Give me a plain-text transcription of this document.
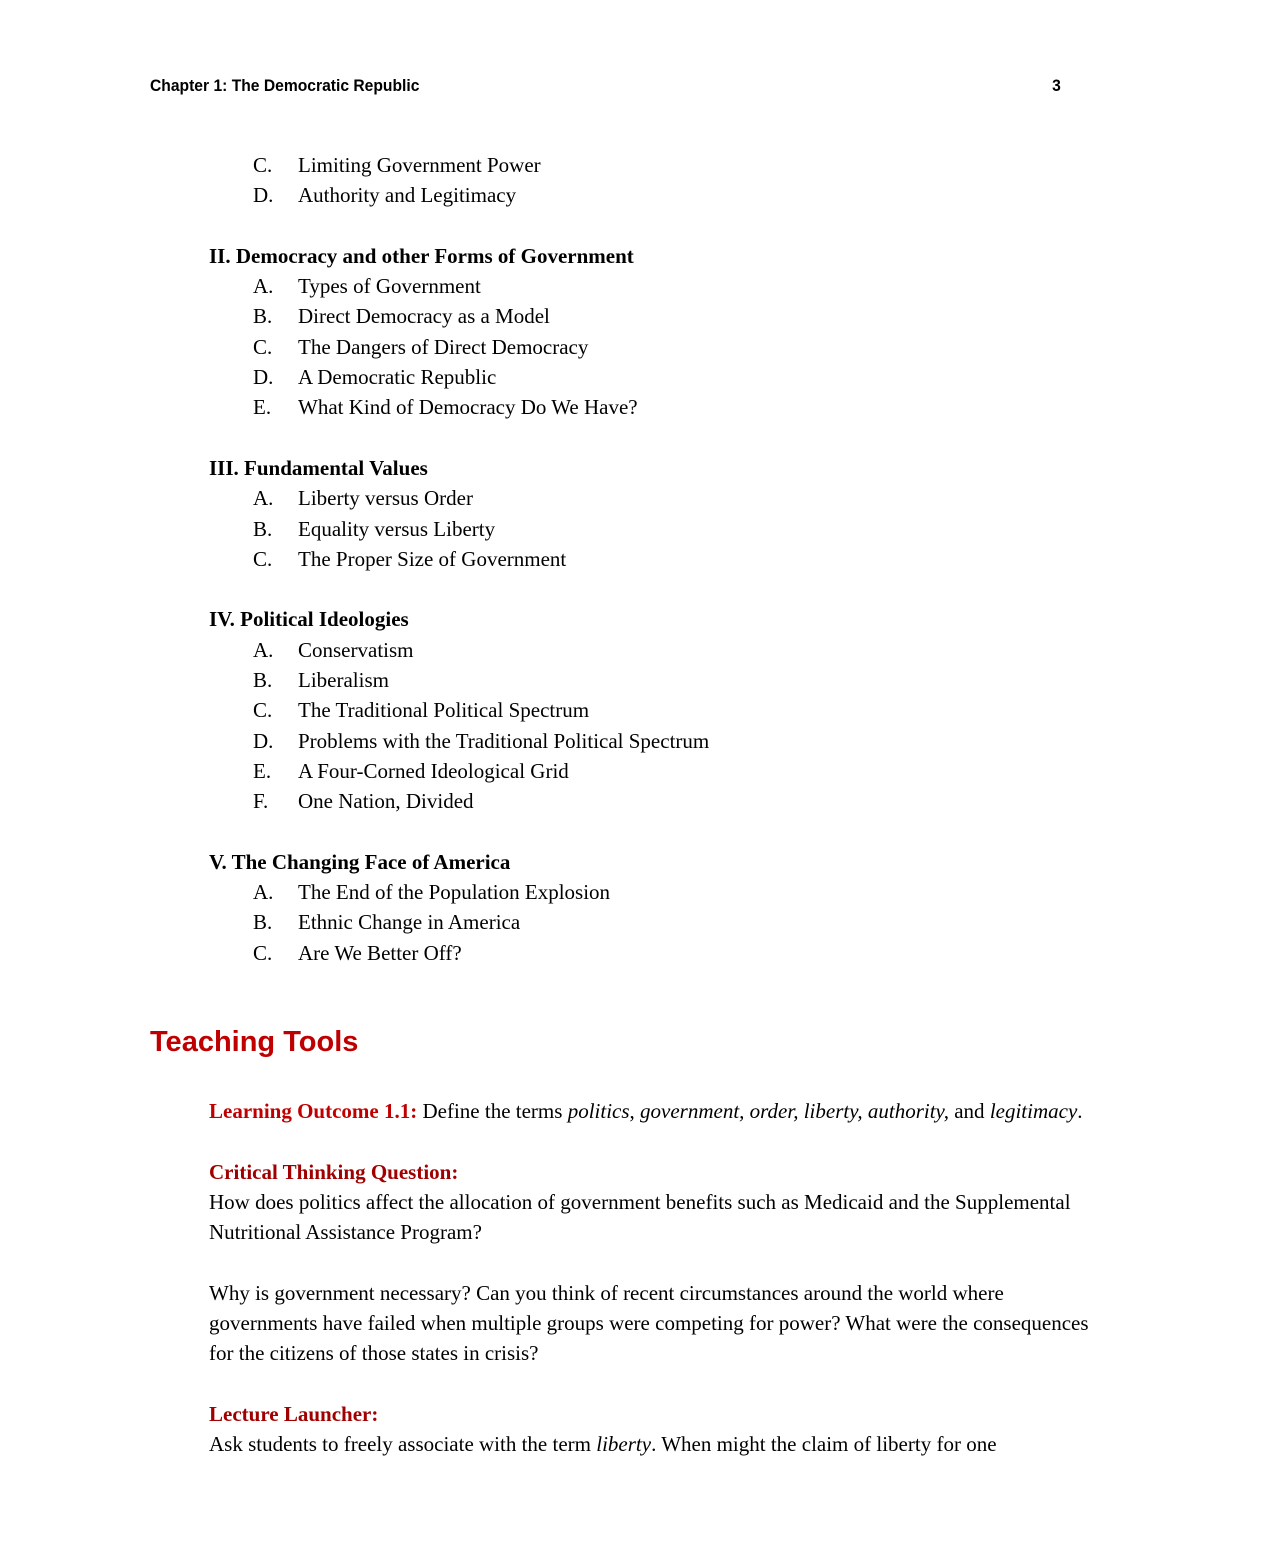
Chapter 1: The Democratic Republic	3
C.	Limiting Government Power
D.	Authority and Legitimacy
II. Democracy and other Forms of Government
A.	Types of Government
B.	Direct Democracy as a Model
C.	The Dangers of Direct Democracy
D.	A Democratic Republic
E.	What Kind of Democracy Do We Have?
III. Fundamental Values
A.	Liberty versus Order
B.	Equality versus Liberty
C.	The Proper Size of Government
IV. Political Ideologies
A.	Conservatism
B.	Liberalism
C.	The Traditional Political Spectrum
D.	Problems with the Traditional Political Spectrum
E.	A Four-Corned Ideological Grid
F.	One Nation, Divided
V. The Changing Face of America
A.	The End of the Population Explosion
B.	Ethnic Change in America
C.	Are We Better Off?
Teaching Tools

Learning Outcome 1.1: Define the terms politics, government, order, liberty, authority, and legitimacy.

Critical Thinking Question:

How does politics affect the allocation of government benefits such as Medicaid and the Supplemental Nutritional Assistance Program?

Why is government necessary? Can you think of recent circumstances around the world where governments have failed when multiple groups were competing for power? What were the consequences for the citizens of those states in crisis?

Lecture Launcher:

Ask students to freely associate with the term liberty. When might the claim of liberty for one
